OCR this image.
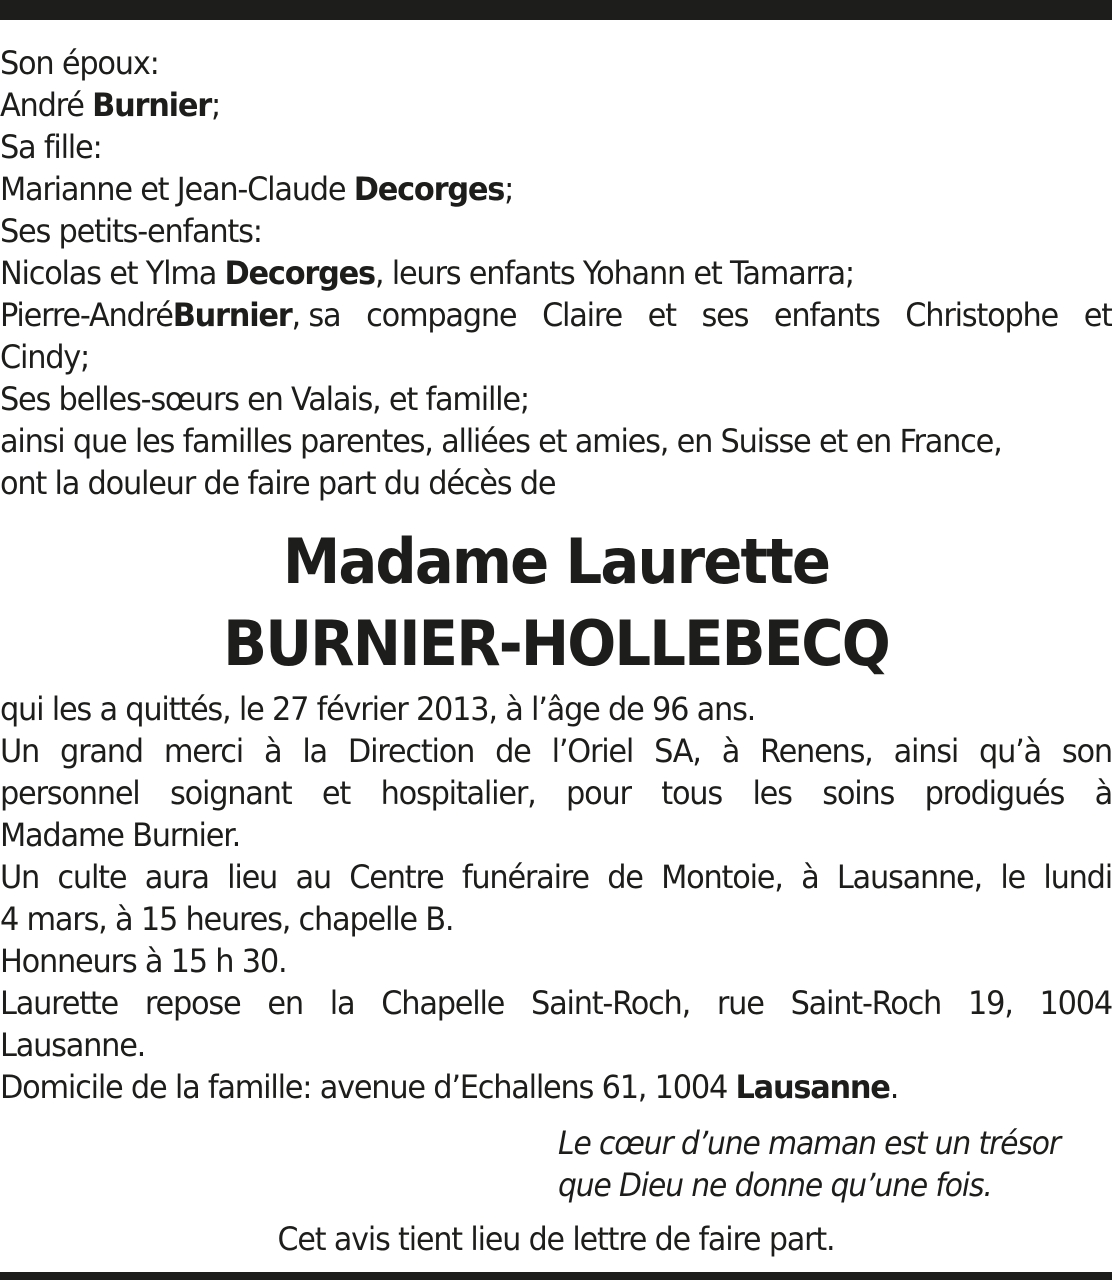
Son époux:
André Burnier;
Sa fille:
Marianne et Jean-Claude Decorges;
Ses petits-enfants:
Nicolas et Ylma Decorges, leurs enfants Yohann et Tamarra;
Pierre-AndréBurnier, sa compagne Claire et ses enfants Christophe et
Cindy;
Ses belles-sœurs en Valais, et famille;
ainsi que les familles parentes, alliées et amies, en Suisse et en France,
ont la douleur de faire part du décès de
Madame Laurette
BURNIER-HOLLEBECQ
qui les a quittés, le 27 février 2013, à l’âge de 96 ans.
Un grand merci à la Direction de l’Oriel SA, à Renens, ainsi qu’à son
personnel soignant et hospitalier, pour tous les soins prodigués à
Madame Burnier.
Un culte aura lieu au Centre funéraire de Montoie, à Lausanne, le lundi
4 mars, à 15 heures, chapelle B.
Honneurs à 15 h 30.
Laurette repose en la Chapelle Saint-Roch, rue Saint-Roch 19, 1004
Lausanne.
Domicile de la famille: avenue d’Echallens 61, 1004 Lausanne.
Le cœur d’une maman est un trésor
que Dieu ne donne qu’une fois.
Cet avis tient lieu de lettre de faire part.
